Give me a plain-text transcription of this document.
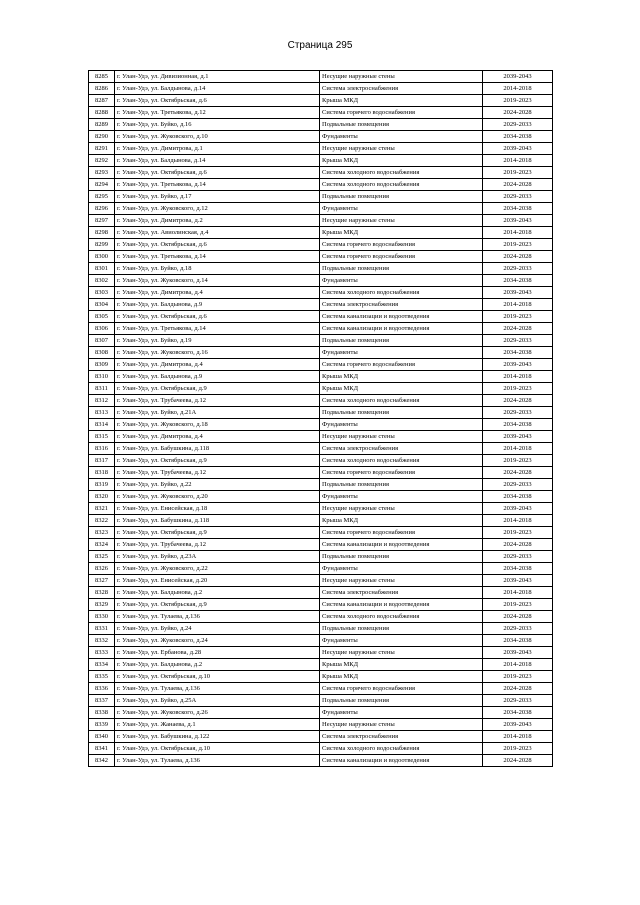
Страница 295
8285	г. Улан-Удэ, ул. Дивизионная, д.1	Несущие наружные стены	2039-2043
8286	г. Улан-Удэ, ул. Балдынова, д.14	Система электроснабжения	2014-2018
8287	г. Улан-Удэ, ул. Октябрьская, д.6	Крыша МКД	2019-2023
8288	г. Улан-Удэ, ул. Третьякова, д.12	Система горячего водоснабжения	2024-2028
8289	г. Улан-Удэ, ул. Буйко, д.16	Подвальные помещения	2029-2033
8290	г. Улан-Удэ, ул. Жуковского, д.10	Фундаменты	2034-2038
8291	г. Улан-Удэ, ул. Димитрова, д.1	Несущие наружные стены	2039-2043
8292	г. Улан-Удэ, ул. Балдынова, д.14	Крыша МКД	2014-2018
8293	г. Улан-Удэ, ул. Октябрьская, д.6	Система холодного водоснабжения	2019-2023
8294	г. Улан-Удэ, ул. Третьякова, д.14	Система холодного водоснабжения	2024-2028
8295	г. Улан-Удэ, ул. Буйко, д.17	Подвальные помещения	2029-2033
8296	г. Улан-Удэ, ул. Жуковского, д.12	Фундаменты	2034-2038
8297	г. Улан-Удэ, ул. Димитрова, д.2	Несущие наружные стены	2039-2043
8298	г. Улан-Удэ, ул. Авиолинская, д.4	Крыша МКД	2014-2018
8299	г. Улан-Удэ, ул. Октябрьская, д.6	Система горячего водоснабжения	2019-2023
8300	г. Улан-Удэ, ул. Третьякова, д.14	Система горячего водоснабжения	2024-2028
8301	г. Улан-Удэ, ул. Буйко, д.18	Подвальные помещения	2029-2033
8302	г. Улан-Удэ, ул. Жуковского, д.14	Фундаменты	2034-2038
8303	г. Улан-Удэ, ул. Димитрова, д.4	Система холодного водоснабжения	2039-2043
8304	г. Улан-Удэ, ул. Балдынова, д.9	Система электроснабжения	2014-2018
8305	г. Улан-Удэ, ул. Октябрьская, д.6	Система канализации и водоотведения	2019-2023
8306	г. Улан-Удэ, ул. Третьякова, д.14	Система канализации и водоотведения	2024-2028
8307	г. Улан-Удэ, ул. Буйко, д.19	Подвальные помещения	2029-2033
8308	г. Улан-Удэ, ул. Жуковского, д.16	Фундаменты	2034-2038
8309	г. Улан-Удэ, ул. Димитрова, д.4	Система горячего водоснабжения	2039-2043
8310	г. Улан-Удэ, ул. Балдынова, д.9	Крыша МКД	2014-2018
8311	г. Улан-Удэ, ул. Октябрьская, д.9	Крыша МКД	2019-2023
8312	г. Улан-Удэ, ул. Трубачеева, д.12	Система холодного водоснабжения	2024-2028
8313	г. Улан-Удэ, ул. Буйко, д.21А	Подвальные помещения	2029-2033
8314	г. Улан-Удэ, ул. Жуковского, д.18	Фундаменты	2034-2038
8315	г. Улан-Удэ, ул. Димитрова, д.4	Несущие наружные стены	2039-2043
8316	г. Улан-Удэ, ул. Бабушкина, д.118	Система электроснабжения	2014-2018
8317	г. Улан-Удэ, ул. Октябрьская, д.9	Система холодного водоснабжения	2019-2023
8318	г. Улан-Удэ, ул. Трубачеева, д.12	Система горячего водоснабжения	2024-2028
8319	г. Улан-Удэ, ул. Буйко, д.22	Подвальные помещения	2029-2033
8320	г. Улан-Удэ, ул. Жуковского, д.20	Фундаменты	2034-2038
8321	г. Улан-Удэ, ул. Енисейская, д.18	Несущие наружные стены	2039-2043
8322	г. Улан-Удэ, ул. Бабушкина, д.118	Крыша МКД	2014-2018
8323	г. Улан-Удэ, ул. Октябрьская, д.9	Система горячего водоснабжения	2019-2023
8324	г. Улан-Удэ, ул. Трубачеева, д.12	Система канализации и водоотведения	2024-2028
8325	г. Улан-Удэ, ул. Буйко, д.23А	Подвальные помещения	2029-2033
8326	г. Улан-Удэ, ул. Жуковского, д.22	Фундаменты	2034-2038
8327	г. Улан-Удэ, ул. Енисейская, д.20	Несущие наружные стены	2039-2043
8328	г. Улан-Удэ, ул. Балдынова, д.2	Система электроснабжения	2014-2018
8329	г. Улан-Удэ, ул. Октябрьская, д.9	Система канализации и водоотведения	2019-2023
8330	г. Улан-Удэ, ул. Тулаева, д.136	Система холодного водоснабжения	2024-2028
8331	г. Улан-Удэ, ул. Буйко, д.24	Подвальные помещения	2029-2033
8332	г. Улан-Удэ, ул. Жуковского, д.24	Фундаменты	2034-2038
8333	г. Улан-Удэ, ул. Ербанова, д.28	Несущие наружные стены	2039-2043
8334	г. Улан-Удэ, ул. Балдынова, д.2	Крыша МКД	2014-2018
8335	г. Улан-Удэ, ул. Октябрьская, д.10	Крыша МКД	2019-2023
8336	г. Улан-Удэ, ул. Тулаева, д.136	Система горячего водоснабжения	2024-2028
8337	г. Улан-Удэ, ул. Буйко, д.25А	Подвальные помещения	2029-2033
8338	г. Улан-Удэ, ул. Жуковского, д.26	Фундаменты	2034-2038
8339	г. Улан-Удэ, ул. Жанаева, д.1	Несущие наружные стены	2039-2043
8340	г. Улан-Удэ, ул. Бабушкина, д.122	Система электроснабжения	2014-2018
8341	г. Улан-Удэ, ул. Октябрьская, д.10	Система холодного водоснабжения	2019-2023
8342	г. Улан-Удэ, ул. Тулаева, д.136	Система канализации и водоотведения	2024-2028
